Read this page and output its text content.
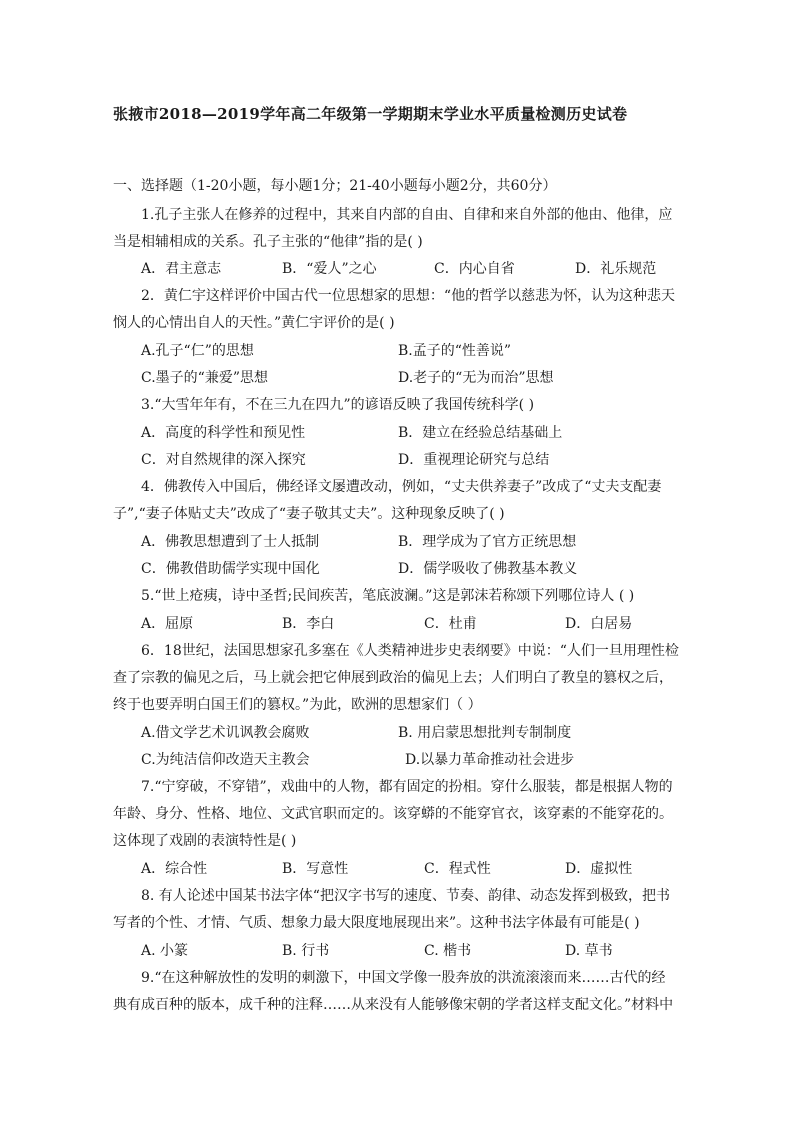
张掖市2018—2019学年高二年级第一学期期末学业水平质量检测历史试卷
一、选择题（1-20小题，每小题1分；21-40小题每小题2分，共60分）
1.孔子主张人在修养的过程中，其来自内部的自由、自律和来自外部的他由、他律，应
当是相辅相成的关系。孔子主张的“他律”指的是( )
A．君主意志	B．“爱人”之心	C．内心自省	D．礼乐规范
2．黄仁宇这样评价中国古代一位思想家的思想：“他的哲学以慈悲为怀，认为这种悲天
悯人的心情出自人的天性。”黄仁宇评价的是( )
A.孔子“仁”的思想	B.孟子的“性善说”
C.墨子的“兼爱”思想	D.老子的“无为而治”思想
3.“大雪年年有，不在三九在四九”的谚语反映了我国传统科学( )
A．高度的科学性和预见性	B．建立在经验总结基础上
C．对自然规律的深入探究	D．重视理论研究与总结
4．佛教传入中国后，佛经译文屡遭改动，例如，“丈夫供养妻子”改成了“丈夫支配妻
子”,“妻子体贴丈夫”改成了“妻子敬其丈夫”。这种现象反映了( )
A．佛教思想遭到了士人抵制	B．理学成为了官方正统思想
C．佛教借助儒学实现中国化	D．儒学吸收了佛教基本教义
5.“世上疮痍，诗中圣哲;民间疾苦，笔底波澜。”这是郭沫若称颂下列哪位诗人 ( )
A．屈原	B．李白	C．杜甫	D．白居易
6．18世纪，法国思想家孔多塞在《人类精神进步史表纲要》中说：“人们一旦用理性检
查了宗教的偏见之后，马上就会把它伸展到政治的偏见上去；人们明白了教皇的篡权之后，
终于也要弄明白国王们的篡权。”为此，欧洲的思想家们（ ）
A.借文学艺术讥讽教会腐败	B. 用启蒙思想批判专制制度
C.为纯洁信仰改造天主教会	D.以暴力革命推动社会进步
7.“宁穿破，不穿错”，戏曲中的人物，都有固定的扮相。穿什么服装，都是根据人物的
年龄、身分、性格、地位、文武官职而定的。该穿蟒的不能穿官衣，该穿素的不能穿花的。
这体现了戏剧的表演特性是( )
A．综合性	B．写意性	C．程式性	D．虚拟性
8. 有人论述中国某书法字体“把汉字书写的速度、节奏、韵律、动态发挥到极致，把书
写者的个性、才情、气质、想象力最大限度地展现出来”。这种书法字体最有可能是( )
A. 小篆	B. 行书	C. 楷书	D. 草书
9.“在这种解放性的发明的刺激下，中国文学像一股奔放的洪流滚滚而来……古代的经
典有成百种的版本，成千种的注释……从来没有人能够像宋朝的学者这样支配文化。”材料中
